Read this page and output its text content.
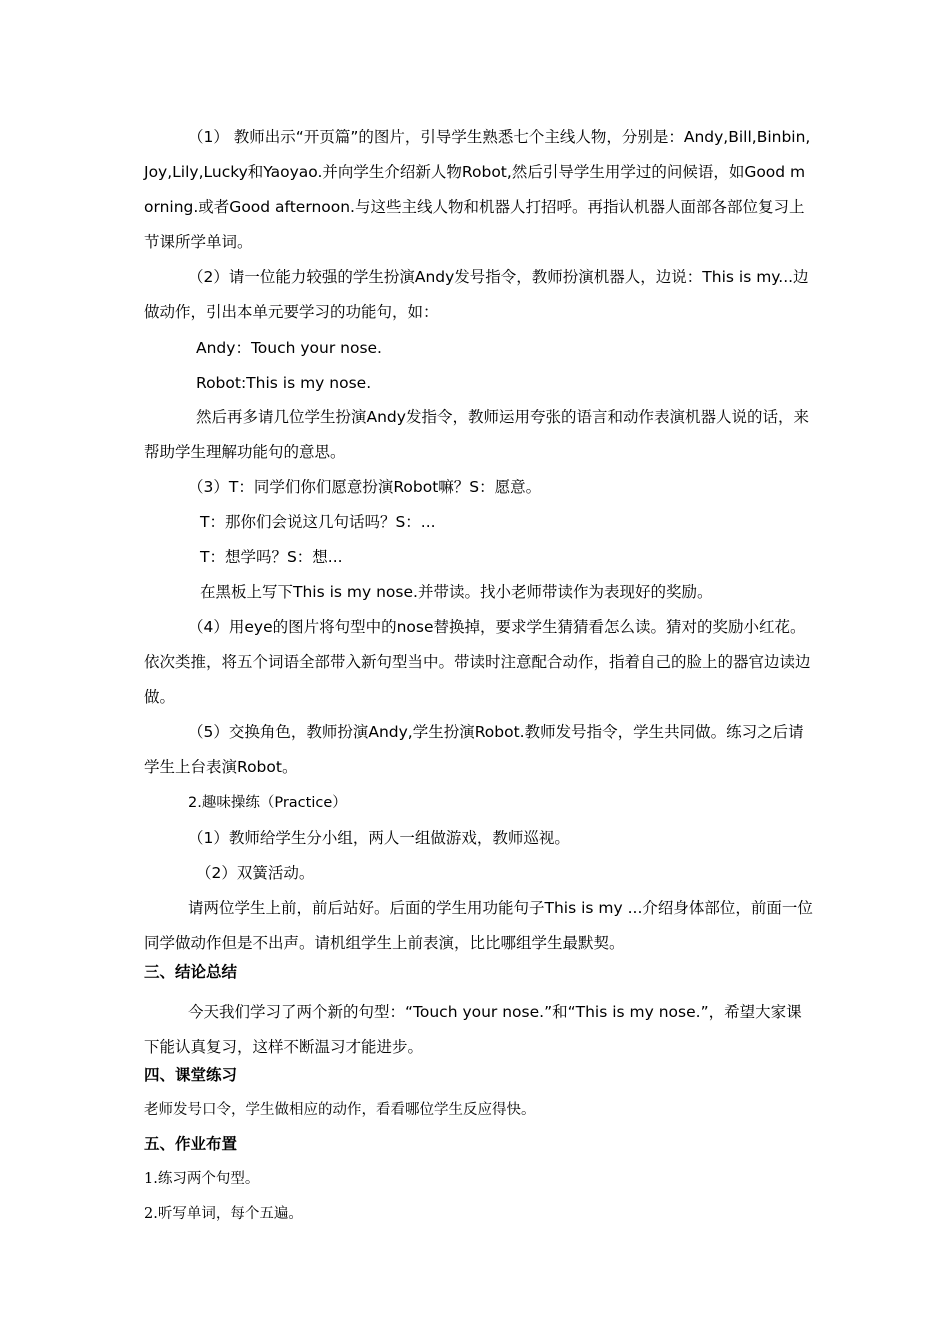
（1） 教师出示“开页篇”的图片，引导学生熟悉七个主线人物，分别是：Andy,Bill,Binbin,Joy,Lily,Lucky和Yaoyao.并向学生介绍新人物Robot,然后引导学生用学过的问候语，如Good morning.或者Good afternoon.与这些主线人物和机器人打招呼。再指认机器人面部各部位复习上节课所学单词。

（2）请一位能力较强的学生扮演Andy发号指令，教师扮演机器人，边说：This is my...边做动作，引出本单元要学习的功能句，如：

Andy：Touch your nose.

Robot:This is my nose.

然后再多请几位学生扮演Andy发指令，教师运用夸张的语言和动作表演机器人说的话，来帮助学生理解功能句的意思。

（3）T：同学们你们愿意扮演Robot嘛？S：愿意。

T：那你们会说这几句话吗？S：...

T：想学吗？S：想...

在黑板上写下This is my nose.并带读。找小老师带读作为表现好的奖励。

（4）用eye的图片将句型中的nose替换掉，要求学生猜猜看怎么读。猜对的奖励小红花。依次类推，将五个词语全部带入新句型当中。带读时注意配合动作，指着自己的脸上的器官边读边做。

（5）交换角色，教师扮演Andy,学生扮演Robot.教师发号指令，学生共同做。练习之后请学生上台表演Robot。

2.趣味操练（Practice）

（1）教师给学生分小组，两人一组做游戏，教师巡视。

（2）双簧活动。

请两位学生上前，前后站好。后面的学生用功能句子This is my ...介绍身体部位，前面一位同学做动作但是不出声。请机组学生上前表演，比比哪组学生最默契。

三、结论总结

今天我们学习了两个新的句型：“Touch your nose.”和“This is my nose.”，希望大家课下能认真复习，这样不断温习才能进步。

四、课堂练习

老师发号口令，学生做相应的动作，看看哪位学生反应得快。

五、作业布置

1.练习两个句型。

2.听写单词，每个五遍。
